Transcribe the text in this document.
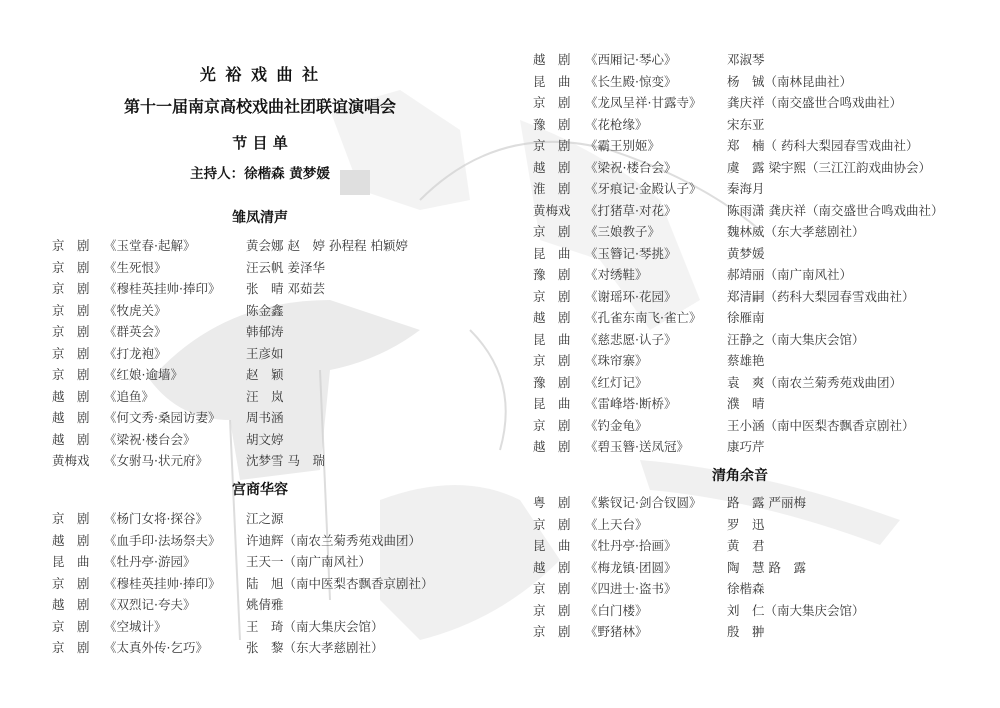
光 裕 戏 曲 社
第十一届南京高校戏曲社团联谊演唱会
节 目 单
主持人：徐楷森 黄梦媛
雏凤清声
京　剧 《玉堂春·起解》	黄会娜 赵　婷 孙程程 柏颖婷
京　剧 《生死恨》	汪云帆 姜泽华
京　剧 《穆桂英挂帅·捧印》 张　晴 邓茹芸
京　剧 《牧虎关》	陈金鑫
京　剧 《群英会》	韩郁涛
京　剧 《打龙袍》	王彦如
京　剧 《红娘·逾墙》	赵　颖
越　剧 《追鱼》	汪　岚
越　剧 《何文秀·桑园访妻》 周书涵
越　剧 《梁祝·楼台会》	胡文婷
黄梅戏 《女驸马·状元府》	沈梦雪 马　瑞
宫商华容
京　剧 《杨门女将·探谷》	江之源
越　剧 《血手印·法场祭夫》 许迪辉（南农兰菊秀苑戏曲团）
昆　曲 《牡丹亭·游园》	王天一（南广南风社）
京　剧 《穆桂英挂帅·捧印》 陆　旭（南中医梨杏飘香京剧社）
越　剧 《双烈记·夸夫》	姚倩雅
京　剧 《空城计》	王　琦（南大集庆会馆）
京　剧 《太真外传·乞巧》	张　黎（东大孝慈剧社）
越　剧 《西厢记·琴心》	邓淑琴
昆　曲 《长生殿·惊变》	杨　铖（南林昆曲社）
京　剧 《龙凤呈祥·甘露寺》 龚庆祥（南交盛世合鸣戏曲社）
豫　剧 《花枪缘》	宋东亚
京　剧 《霸王别姬》	郑　楠（ 药科大梨园春雪戏曲社）
越　剧 《梁祝·楼台会》	虞　露 梁宇熙（三江江韵戏曲协会）
淮　剧 《牙痕记·金殿认子》 秦海月
黄梅戏 《打猪草·对花》	陈雨潇 龚庆祥（南交盛世合鸣戏曲社）
京　剧 《三娘教子》	魏林威（东大孝慈剧社）
昆　曲 《玉簪记·琴挑》	黄梦媛
豫　剧 《对绣鞋》	郝靖丽（南广南风社）
京　剧 《谢瑶环·花园》	郑清嗣（药科大梨园春雪戏曲社）
越　剧 《孔雀东南飞·雀亡》 徐雁南
昆　曲 《慈悲愿·认子》	汪静之（南大集庆会馆）
京　剧 《珠帘寨》	蔡雄艳
豫　剧 《红灯记》	袁　爽（南农兰菊秀苑戏曲团）
昆　曲 《雷峰塔·断桥》	濮　晴
京　剧 《钓金龟》	王小涵（南中医梨杏飘香京剧社）
越　剧 《碧玉簪·送凤冠》	康巧芹
清角余音
粤　剧 《紫钗记·剑合钗圆》 路　露 严丽梅
京　剧 《上天台》	罗　迅
昆　曲 《牡丹亭·拾画》	黄　君
越　剧 《梅龙镇·团圆》	陶　慧 路　露
京　剧 《四进士·盗书》	徐楷森
京　剧 《白门楼》	刘　仁（南大集庆会馆）
京　剧 《野猪林》	殷　翀
